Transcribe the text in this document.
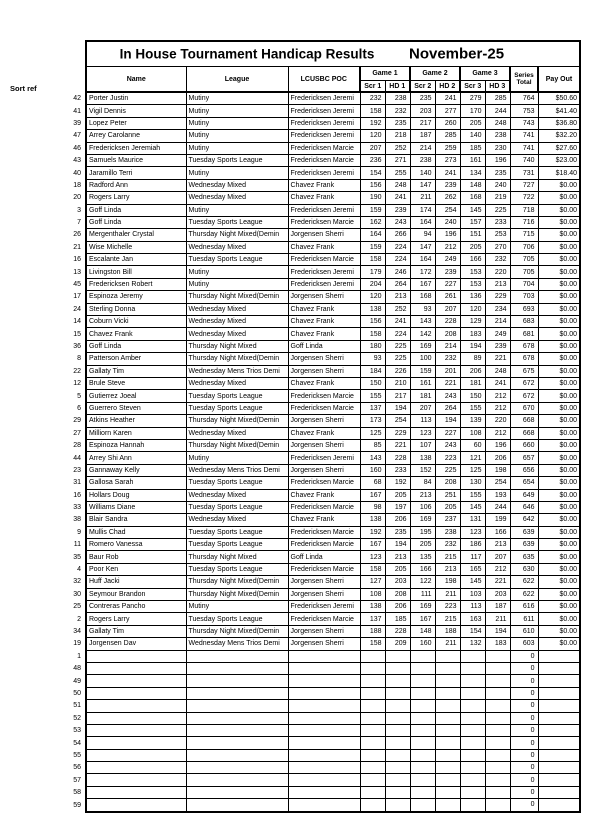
	In House Tournament Handicap Results November-25										

Sort ref	Name	League	LCUSBC POC	Game 1		Game 2		Game 3		Series
Total	Pay Out
				Scr 1	HD 1	Scr 2	HD 2	Scr 3	HD 3		
42	Porter Justin	Mutiny	Fredericksen Jeremi	232	238	235	241	279	285	764	$50.60
41	Vigil Dennis	Mutiny	Fredericksen Jeremi	158	232	203	277	170	244	753	$41.40
39	Lopez Peter	Mutiny	Fredericksen Jeremi	192	235	217	260	205	248	743	$36.80
47	Arrey Carolanne	Mutiny	Fredericksen Jeremi	120	218	187	285	140	238	741	$32.20
46	Fredericksen Jeremiah	Mutiny	Fredericksen Marcie	207	252	214	259	185	230	741	$27.60
43	Samuels Maurice	Tuesday Sports League	Fredericksen Marcie	236	271	238	273	161	196	740	$23.00
40	Jaramillo Terri	Mutiny	Fredericksen Jeremi	154	255	140	241	134	235	731	$18.40
18	Radford Ann	Wednesday Mixed	Chavez Frank	156	248	147	239	148	240	727	$0.00
20	Rogers Larry	Wednesday Mixed	Chavez Frank	190	241	211	262	168	219	722	$0.00
3	Goff Linda	Mutiny	Fredericksen Jeremi	159	239	174	254	145	225	718	$0.00
7	Goff Linda	Tuesday Sports League	Fredericksen Marcie	162	243	164	240	157	233	716	$0.00
26	Mergenthaler Crystal	Thursday Night Mixed(Demin	Jorgensen Sherri	164	266	94	196	151	253	715	$0.00
21	Wise Michelle	Wednesday Mixed	Chavez Frank	159	224	147	212	205	270	706	$0.00
16	Escalante Jan	Tuesday Sports League	Fredericksen Marcie	158	224	164	249	166	232	705	$0.00
13	Livingston Bill	Mutiny	Fredericksen Jeremi	179	246	172	239	153	220	705	$0.00
45	Fredericksen Robert	Mutiny	Fredericksen Jeremi	204	264	167	227	153	213	704	$0.00
17	Espinoza Jeremy	Thursday Night Mixed(Demin	Jorgensen Sherri	120	213	168	261	136	229	703	$0.00
24	Sterling Donna	Wednesday Mixed	Chavez Frank	138	252	93	207	120	234	693	$0.00
14	Coburn Vicki	Wednesday Mixed	Chavez Frank	156	241	143	228	129	214	683	$0.00
15	Chavez Frank	Wednesday Mixed	Chavez Frank	158	224	142	208	183	249	681	$0.00
36	Goff Linda	Thursday Night Mixed	Goff Linda	180	225	169	214	194	239	678	$0.00
8	Patterson Amber	Thursday Night Mixed(Demin	Jorgensen Sherri	93	225	100	232	89	221	678	$0.00
22	Gallaty Tim	Wednesday Mens Trios Demi	Jorgensen Sherri	184	226	159	201	206	248	675	$0.00
12	Brule Steve	Wednesday Mixed	Chavez Frank	150	210	161	221	181	241	672	$0.00
5	Gutierrez Joeal	Tuesday Sports League	Fredericksen Marcie	155	217	181	243	150	212	672	$0.00
6	Guerrero Steven	Tuesday Sports League	Fredericksen Marcie	137	194	207	264	155	212	670	$0.00
29	Atkins Heather	Thursday Night Mixed(Demin	Jorgensen Sherri	173	254	113	194	139	220	668	$0.00
27	Milliorn Karen	Wednesday Mixed	Chavez Frank	125	229	123	227	108	212	668	$0.00
28	Espinoza Hannah	Thursday Night Mixed(Demin	Jorgensen Sherri	85	221	107	243	60	196	660	$0.00
44	Arrey Shi Ann	Mutiny	Fredericksen Jeremi	143	228	138	223	121	206	657	$0.00
23	Gannaway Kelly	Wednesday Mens Trios Demi	Jorgensen Sherri	160	233	152	225	125	198	656	$0.00
31	Gallosa Sarah	Tuesday Sports League	Fredericksen Marcie	68	192	84	208	130	254	654	$0.00
16	Hollars Doug	Wednesday Mixed	Chavez Frank	167	205	213	251	155	193	649	$0.00
33	Williams Diane	Tuesday Sports League	Fredericksen Marcie	98	197	106	205	145	244	646	$0.00
38	Blair Sandra	Wednesday Mixed	Chavez Frank	138	206	169	237	131	199	642	$0.00
9	Mullis Chad	Tuesday Sports League	Fredericksen Marcie	192	235	195	238	123	166	639	$0.00
11	Romero Vanessa	Tuesday Sports League	Fredericksen Marcie	167	194	205	232	186	213	639	$0.00
35	Baur Rob	Thursday Night Mixed	Goff Linda	123	213	135	215	117	207	635	$0.00
4	Poor Ken	Tuesday Sports League	Fredericksen Marcie	158	205	166	213	165	212	630	$0.00
32	Huff Jacki	Thursday Night Mixed(Demin	Jorgensen Sherri	127	203	122	198	145	221	622	$0.00
30	Seymour Brandon	Thursday Night Mixed(Demin	Jorgensen Sherri	108	208	111	211	103	203	622	$0.00
25	Contreras Pancho	Mutiny	Fredericksen Jeremi	138	206	169	223	113	187	616	$0.00
2	Rogers Larry	Tuesday Sports League	Fredericksen Marcie	137	185	167	215	163	211	611	$0.00
34	Gallaty Tim	Thursday Night Mixed(Demin	Jorgensen Sherri	188	228	148	188	154	194	610	$0.00
19	Jorgensen Dav	Wednesday Mens Trios Demi	Jorgensen Sherri	158	209	160	211	132	183	603	$0.00
1										0	
48										0	
49										0	
50										0	
51										0	
52										0	
53										0	
54										0	
55										0	
56										0	
57										0	
58										0	
59										0	
